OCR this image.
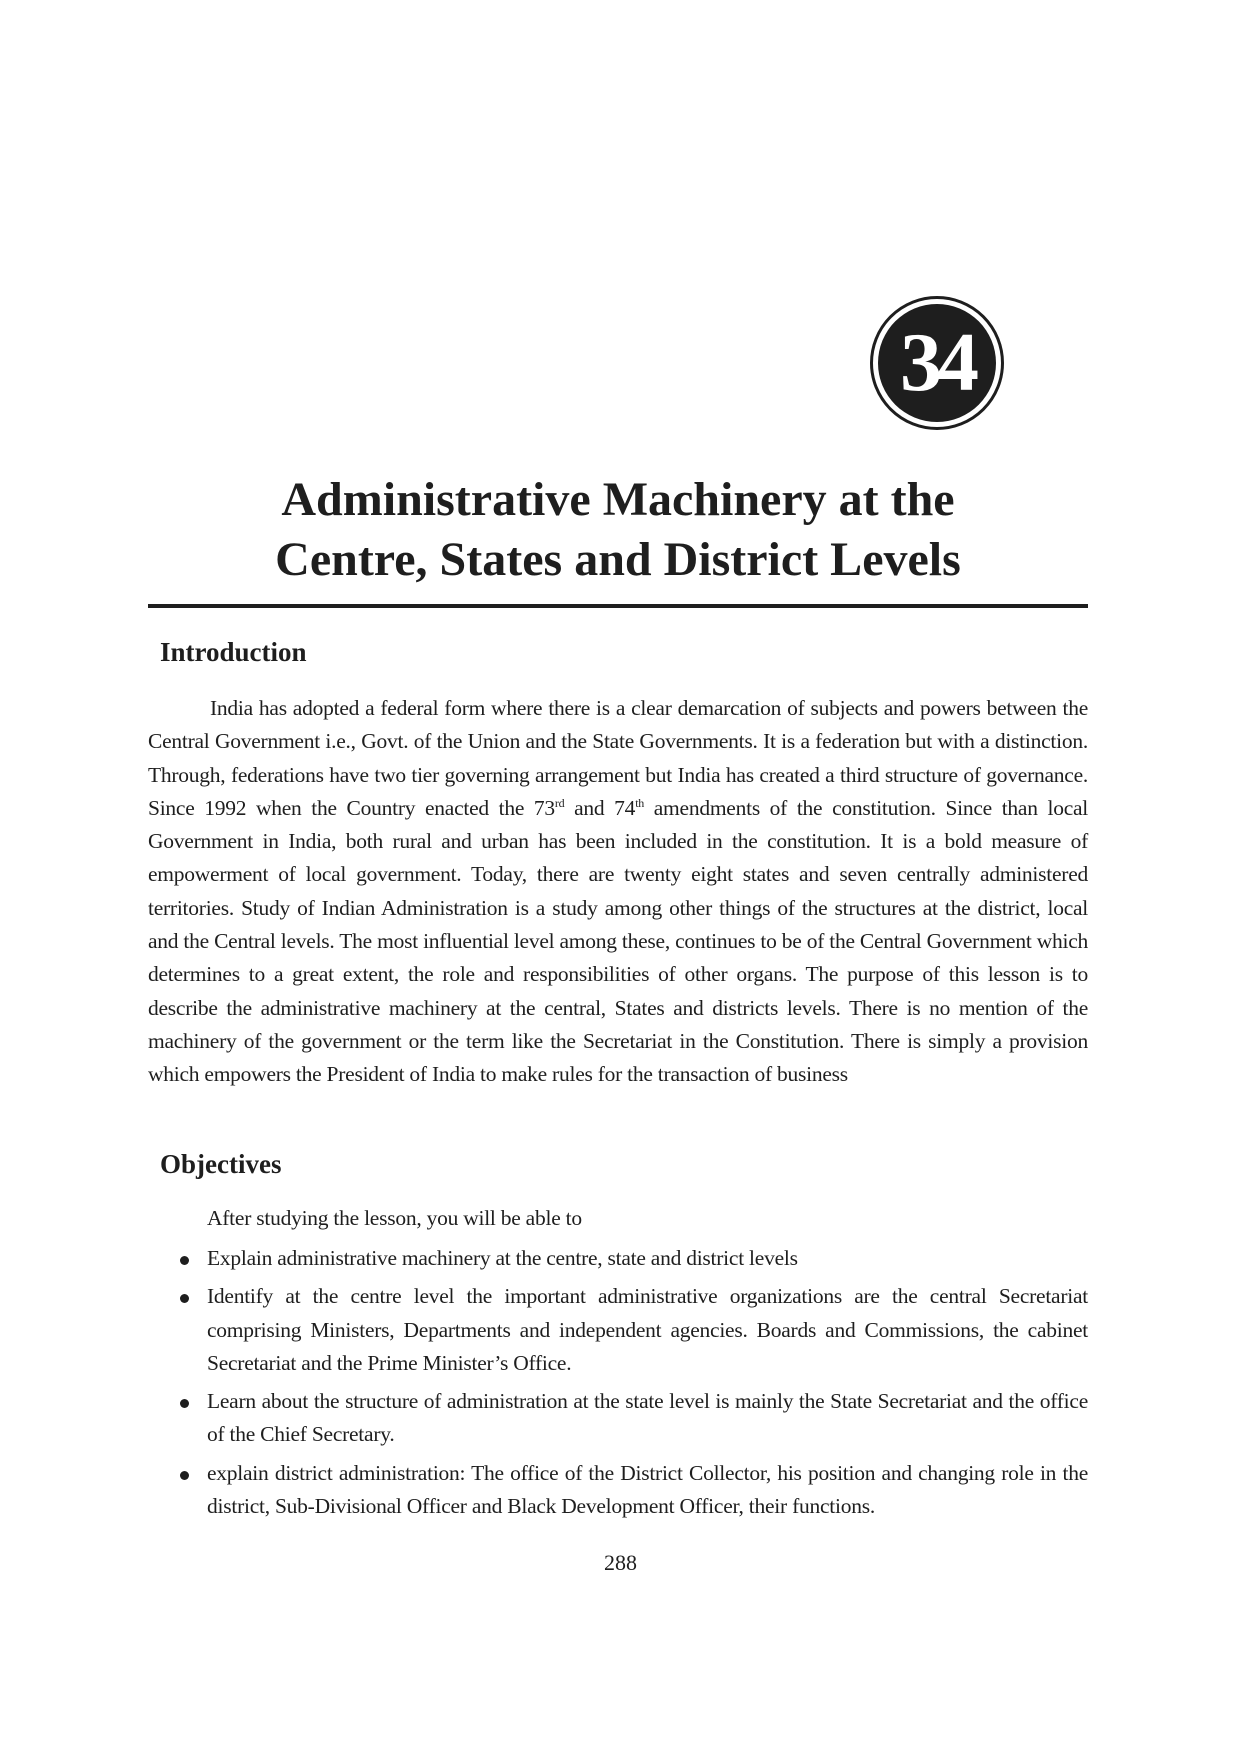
34
Administrative Machinery at the
Centre, States and District Levels
Introduction

India has adopted a federal form where there is a clear demarcation of subjects and powers between the Central Government i.e., Govt. of the Union and the State Governments. It is a federation but with a distinction. Through, federations have two tier governing arrangement but India has created a third structure of governance. Since 1992 when the Country enacted the 73rd and 74th amendments of the constitution. Since than local Government in India, both rural and urban has been included in the constitution. It is a bold measure of empowerment of local government. Today, there are twenty eight states and seven centrally administered territories. Study of Indian Administration is a study among other things of the structures at the district, local and the Central levels. The most influential level among these, continues to be of the Central Government which determines to a great extent, the role and responsibilities of other organs. The purpose of this lesson is to describe the administrative machinery at the central, States and districts levels. There is no mention of the machinery of the government or the term like the Secretariat in the Constitution. There is simply a provision which empowers the President of India to make rules for the transaction of business

Objectives

After studying the lesson, you will be able to

Explain administrative machinery at the centre, state and district levels
Identify at the centre level the important administrative organizations are the central Secretariat comprising Ministers, Departments and independent agencies. Boards and Commissions, the cabinet Secretariat and the Prime Minister’s Office.
Learn about the structure of administration at the state level is mainly the State Secretariat and the office of the Chief Secretary.
explain district administration: The office of the District Collector, his position and changing role in the district, Sub-Divisional Officer and Black Development Officer, their functions.

288
